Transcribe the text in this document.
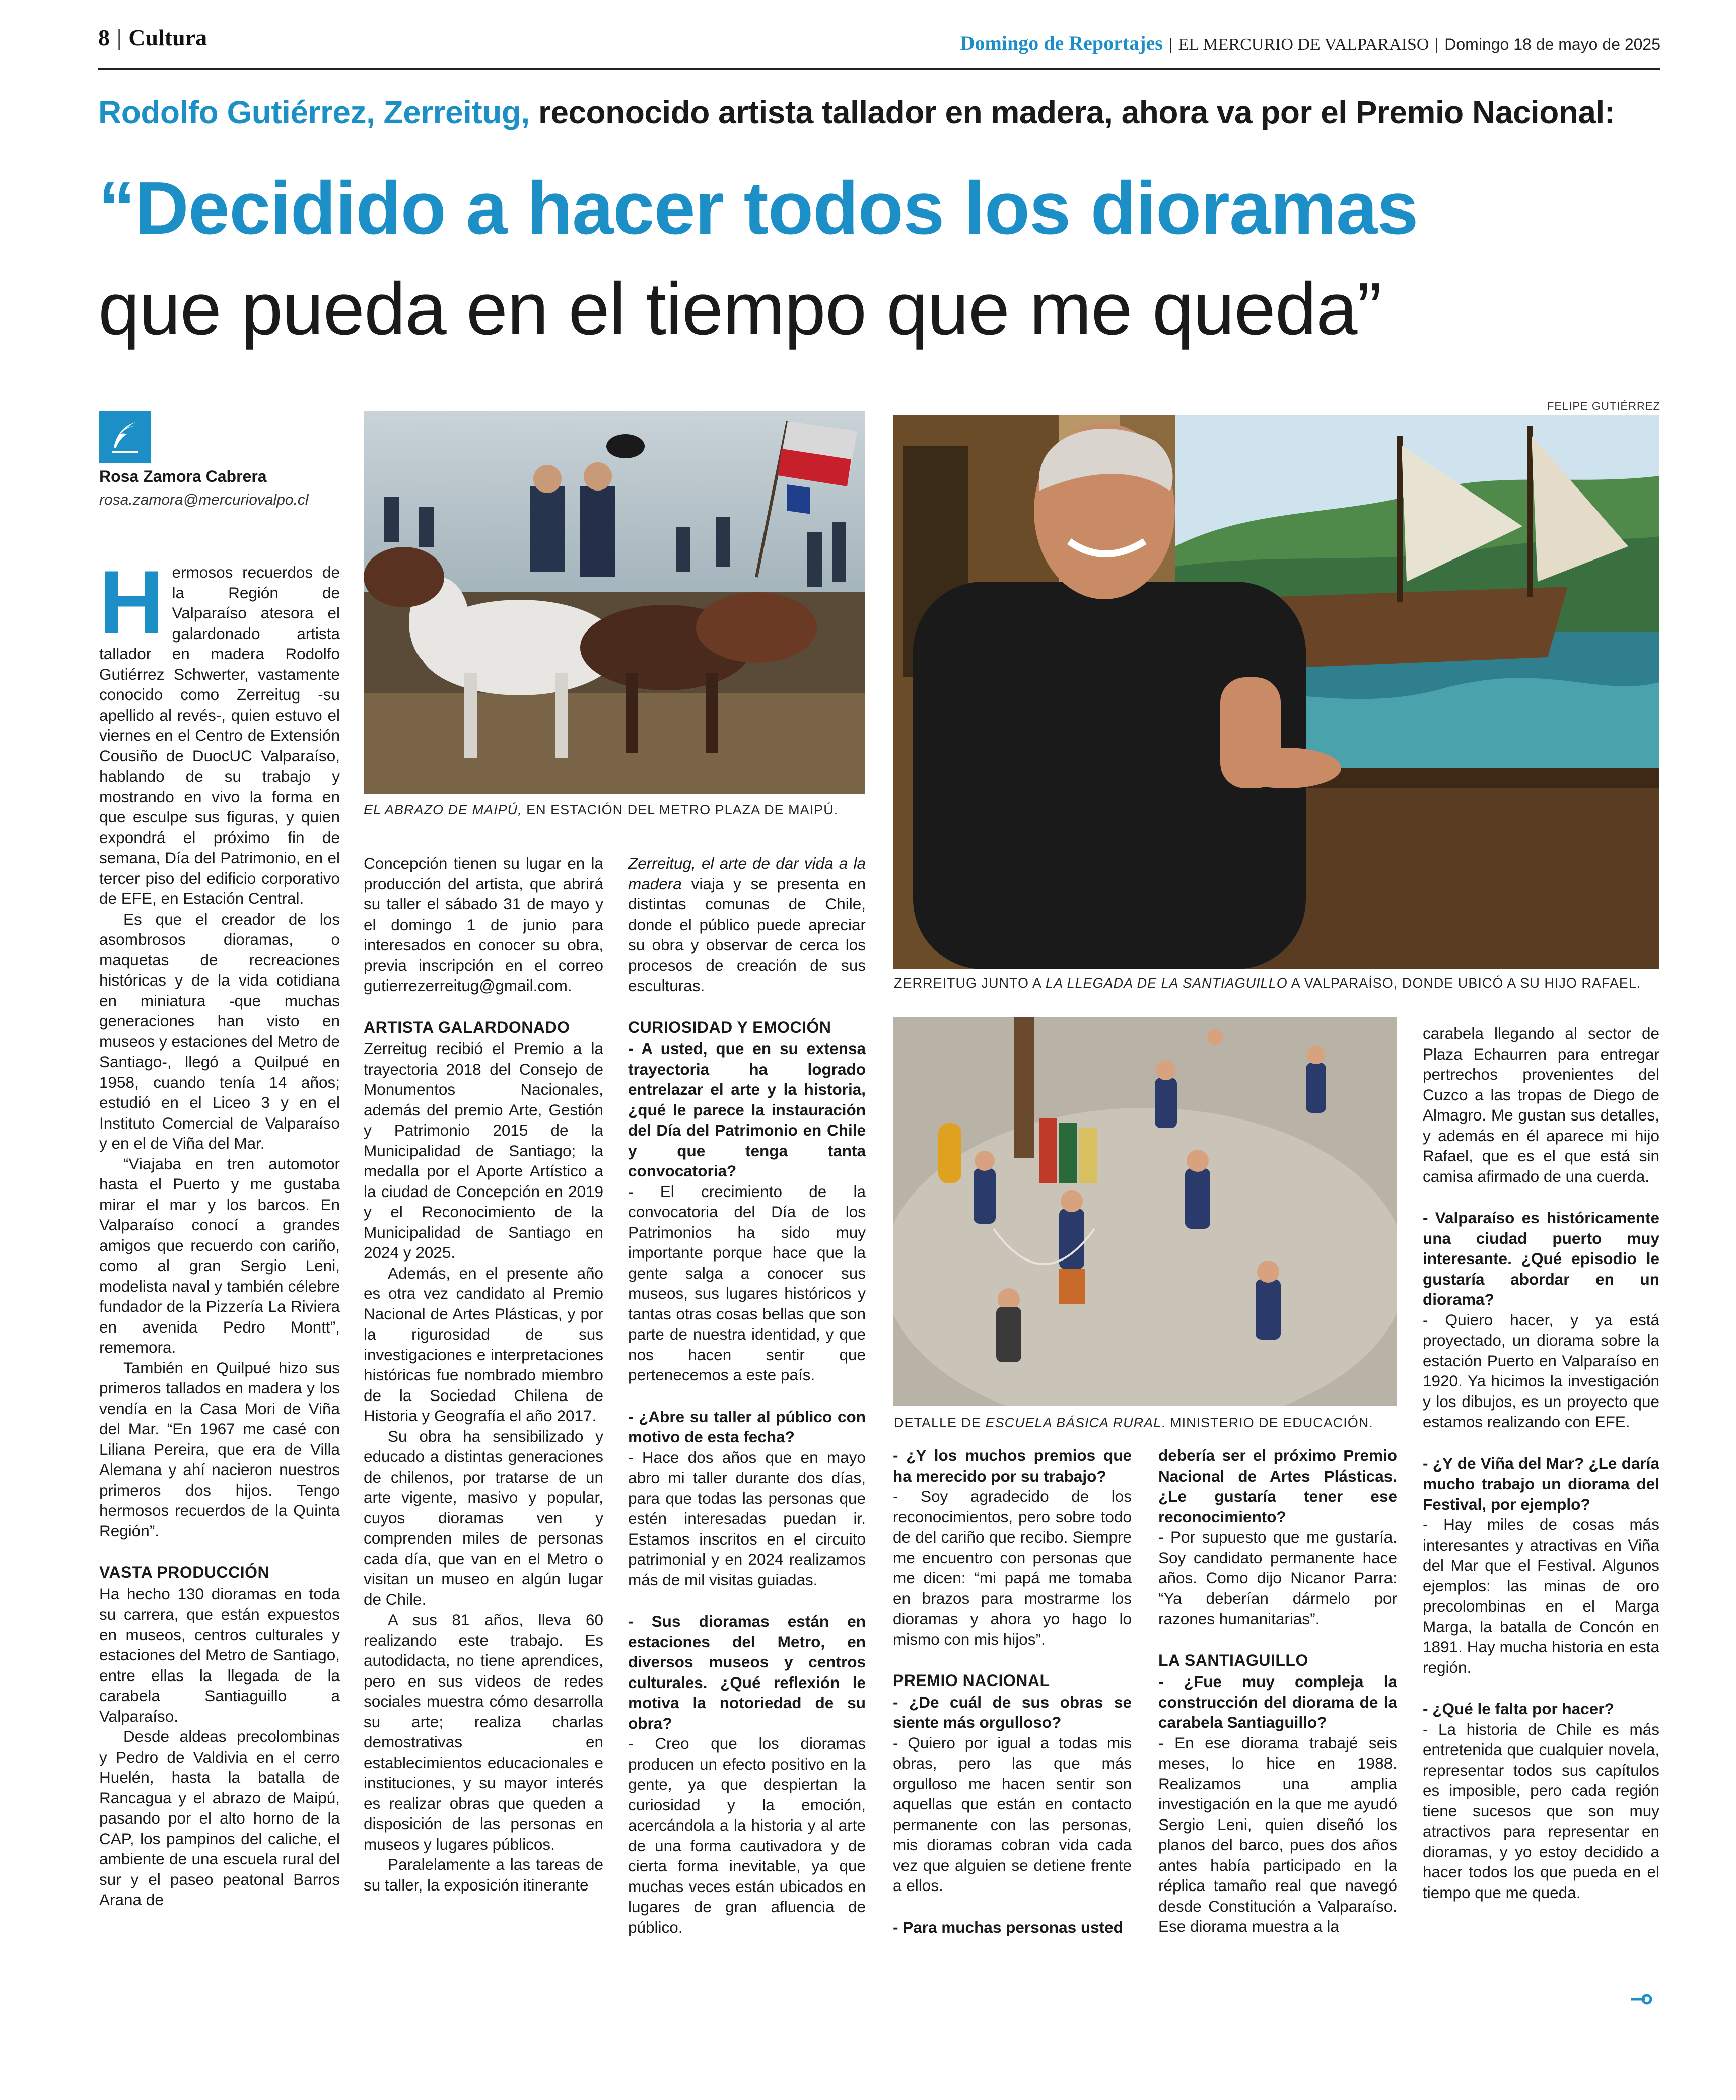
8 | Cultura	Domingo de Reportajes | EL MERCURIO DE VALPARAISO | Domingo 18 de mayo de 2025
Rodolfo Gutiérrez, Zerreitug, reconocido artista tallador en madera, ahora va por el Premio Nacional:
“Decidido a hacer todos los dioramas
que pueda en el tiempo que me queda”
FELIPE GUTIÉRREZ
Rosa Zamora Cabrera
rosa.zamora@mercuriovalpo.cl
EL ABRAZO DE MAIPÚ, EN ESTACIÓN DEL METRO PLAZA DE MAIPÚ.
ZERREITUG JUNTO A LA LLEGADA DE LA SANTIAGUILLO A VALPARAÍSO, DONDE UBICÓ A SU HIJO RAFAEL.
DETALLE DE ESCUELA BÁSICA RURAL. MINISTERIO DE EDUCACIÓN.

Hermosos recuerdos de la Región de Valparaíso atesora el galardonado artista tallador en madera Rodolfo Gutiérrez Schwerter, vastamente conocido como Zerreitug -su apellido al revés-, quien estuvo el viernes en el Centro de Extensión Cousiño de DuocUC Valparaíso, hablando de su trabajo y mostrando en vivo la forma en que esculpe sus figuras, y quien expondrá el próximo fin de semana, Día del Patrimonio, en el tercer piso del edificio corporativo de EFE, en Estación Central.

Es que el creador de los asombrosos dioramas, o maquetas de recreaciones históricas y de la vida cotidiana en miniatura -que muchas generaciones han visto en museos y estaciones del Metro de Santiago-, llegó a Quilpué en 1958, cuando tenía 14 años; estudió en el Liceo 3 y en el Instituto Comercial de Valparaíso y en el de Viña del Mar.

“Viajaba en tren automotor hasta el Puerto y me gustaba mirar el mar y los barcos. En Valparaíso conocí a grandes amigos que recuerdo con cariño, como al gran Sergio Leni, modelista naval y también célebre fundador de la Pizzería La Riviera en avenida Pedro Montt”, rememora.

También en Quilpué hizo sus primeros tallados en madera y los vendía en la Casa Mori de Viña del Mar. “En 1967 me casé con Liliana Pereira, que era de Villa Alemana y ahí nacieron nuestros primeros dos hijos. Tengo hermosos recuerdos de la Quinta Región”.

VASTA PRODUCCIÓN

Ha hecho 130 dioramas en toda su carrera, que están expuestos en museos, centros culturales y estaciones del Metro de Santiago, entre ellas la llegada de la carabela Santiaguillo a Valparaíso.

Desde aldeas precolombinas y Pedro de Valdivia en el cerro Huelén, hasta la batalla de Rancagua y el abrazo de Maipú, pasando por el alto horno de la CAP, los pampinos del caliche, el ambiente de una escuela rural del sur y el paseo peatonal Barros Arana de

Concepción tienen su lugar en la producción del artista, que abrirá su taller el sábado 31 de mayo y el domingo 1 de junio para interesados en conocer su obra, previa inscripción en el correo gutierrezerreitug@gmail.com.

ARTISTA GALARDONADO

Zerreitug recibió el Premio a la trayectoria 2018 del Consejo de Monumentos Nacionales, además del premio Arte, Gestión y Patrimonio 2015 de la Municipalidad de Santiago; la medalla por el Aporte Artístico a la ciudad de Concepción en 2019 y el Reconocimiento de la Municipalidad de Santiago en 2024 y 2025.

Además, en el presente año es otra vez candidato al Premio Nacional de Artes Plásticas, y por la rigurosidad de sus investigaciones e interpretaciones históricas fue nombrado miembro de la Sociedad Chilena de Historia y Geografía el año 2017.

Su obra ha sensibilizado y educado a distintas generaciones de chilenos, por tratarse de un arte vigente, masivo y popular, cuyos dioramas ven y comprenden miles de personas cada día, que van en el Metro o visitan un museo en algún lugar de Chile.

A sus 81 años, lleva 60 realizando este trabajo. Es autodidacta, no tiene aprendices, pero en sus videos de redes sociales muestra cómo desarrolla su arte; realiza charlas demostrativas en establecimientos educacionales e instituciones, y su mayor interés es realizar obras que queden a disposición de las personas en museos y lugares públicos.

Paralelamente a las tareas de su taller, la exposición itinerante

Zerreitug, el arte de dar vida a la madera viaja y se presenta en distintas comunas de Chile, donde el público puede apreciar su obra y observar de cerca los procesos de creación de sus esculturas.

CURIOSIDAD Y EMOCIÓN

- A usted, que en su extensa trayectoria ha logrado entrelazar el arte y la historia, ¿qué le parece la instauración del Día del Patrimonio en Chile y que tenga tanta convocatoria?

- El crecimiento de la convocatoria del Día de los Patrimonios ha sido muy importante porque hace que la gente salga a conocer sus museos, sus lugares históricos y tantas otras cosas bellas que son parte de nuestra identidad, y que nos hacen sentir que pertenecemos a este país.

- ¿Abre su taller al público con motivo de esta fecha?

- Hace dos años que en mayo abro mi taller durante dos días, para que todas las personas que estén interesadas puedan ir. Estamos inscritos en el circuito patrimonial y en 2024 realizamos más de mil visitas guiadas.

- Sus dioramas están en estaciones del Metro, en diversos museos y centros culturales. ¿Qué reflexión le motiva la notoriedad de su obra?

- Creo que los dioramas producen un efecto positivo en la gente, ya que despiertan la curiosidad y la emoción, acercándola a la historia y al arte de una forma cautivadora y de cierta forma inevitable, ya que muchas veces están ubicados en lugares de gran afluencia de público.

- ¿Y los muchos premios que ha merecido por su trabajo?

- Soy agradecido de los reconocimientos, pero sobre todo de del cariño que recibo. Siempre me encuentro con personas que me dicen: “mi papá me tomaba en brazos para mostrarme los dioramas y ahora yo hago lo mismo con mis hijos”.

PREMIO NACIONAL

- ¿De cuál de sus obras se siente más orgulloso?

- Quiero por igual a todas mis obras, pero las que más orgulloso me hacen sentir son aquellas que están en contacto permanente con las personas, mis dioramas cobran vida cada vez que alguien se detiene frente a ellos.

- Para muchas personas usted

debería ser el próximo Premio Nacional de Artes Plásticas. ¿Le gustaría tener ese reconocimiento?

- Por supuesto que me gustaría. Soy candidato permanente hace años. Como dijo Nicanor Parra: “Ya deberían dármelo por razones humanitarias”.

LA SANTIAGUILLO

- ¿Fue muy compleja la construcción del diorama de la carabela Santiaguillo?

- En ese diorama trabajé seis meses, lo hice en 1988. Realizamos una amplia investigación en la que me ayudó Sergio Leni, quien diseñó los planos del barco, pues dos años antes había participado en la réplica tamaño real que navegó desde Constitución a Valparaíso. Ese diorama muestra a la

carabela llegando al sector de Plaza Echaurren para entregar pertrechos provenientes del Cuzco a las tropas de Diego de Almagro. Me gustan sus detalles, y además en él aparece mi hijo Rafael, que es el que está sin camisa afirmado de una cuerda.

- Valparaíso es históricamente una ciudad puerto muy interesante. ¿Qué episodio le gustaría abordar en un diorama?

- Quiero hacer, y ya está proyectado, un diorama sobre la estación Puerto en Valparaíso en 1920. Ya hicimos la investigación y los dibujos, es un proyecto que estamos realizando con EFE.

- ¿Y de Viña del Mar? ¿Le daría mucho trabajo un diorama del Festival, por ejemplo?

- Hay miles de cosas más interesantes y atractivas en Viña del Mar que el Festival. Algunos ejemplos: las minas de oro precolombinas en el Marga Marga, la batalla de Concón en 1891. Hay mucha historia en esta región.

- ¿Qué le falta por hacer?

- La historia de Chile es más entretenida que cualquier novela, representar todos sus capítulos es imposible, pero cada región tiene sucesos que son muy atractivos para representar en dioramas, y yo estoy decidido a hacer todos los que pueda en el tiempo que me queda.
